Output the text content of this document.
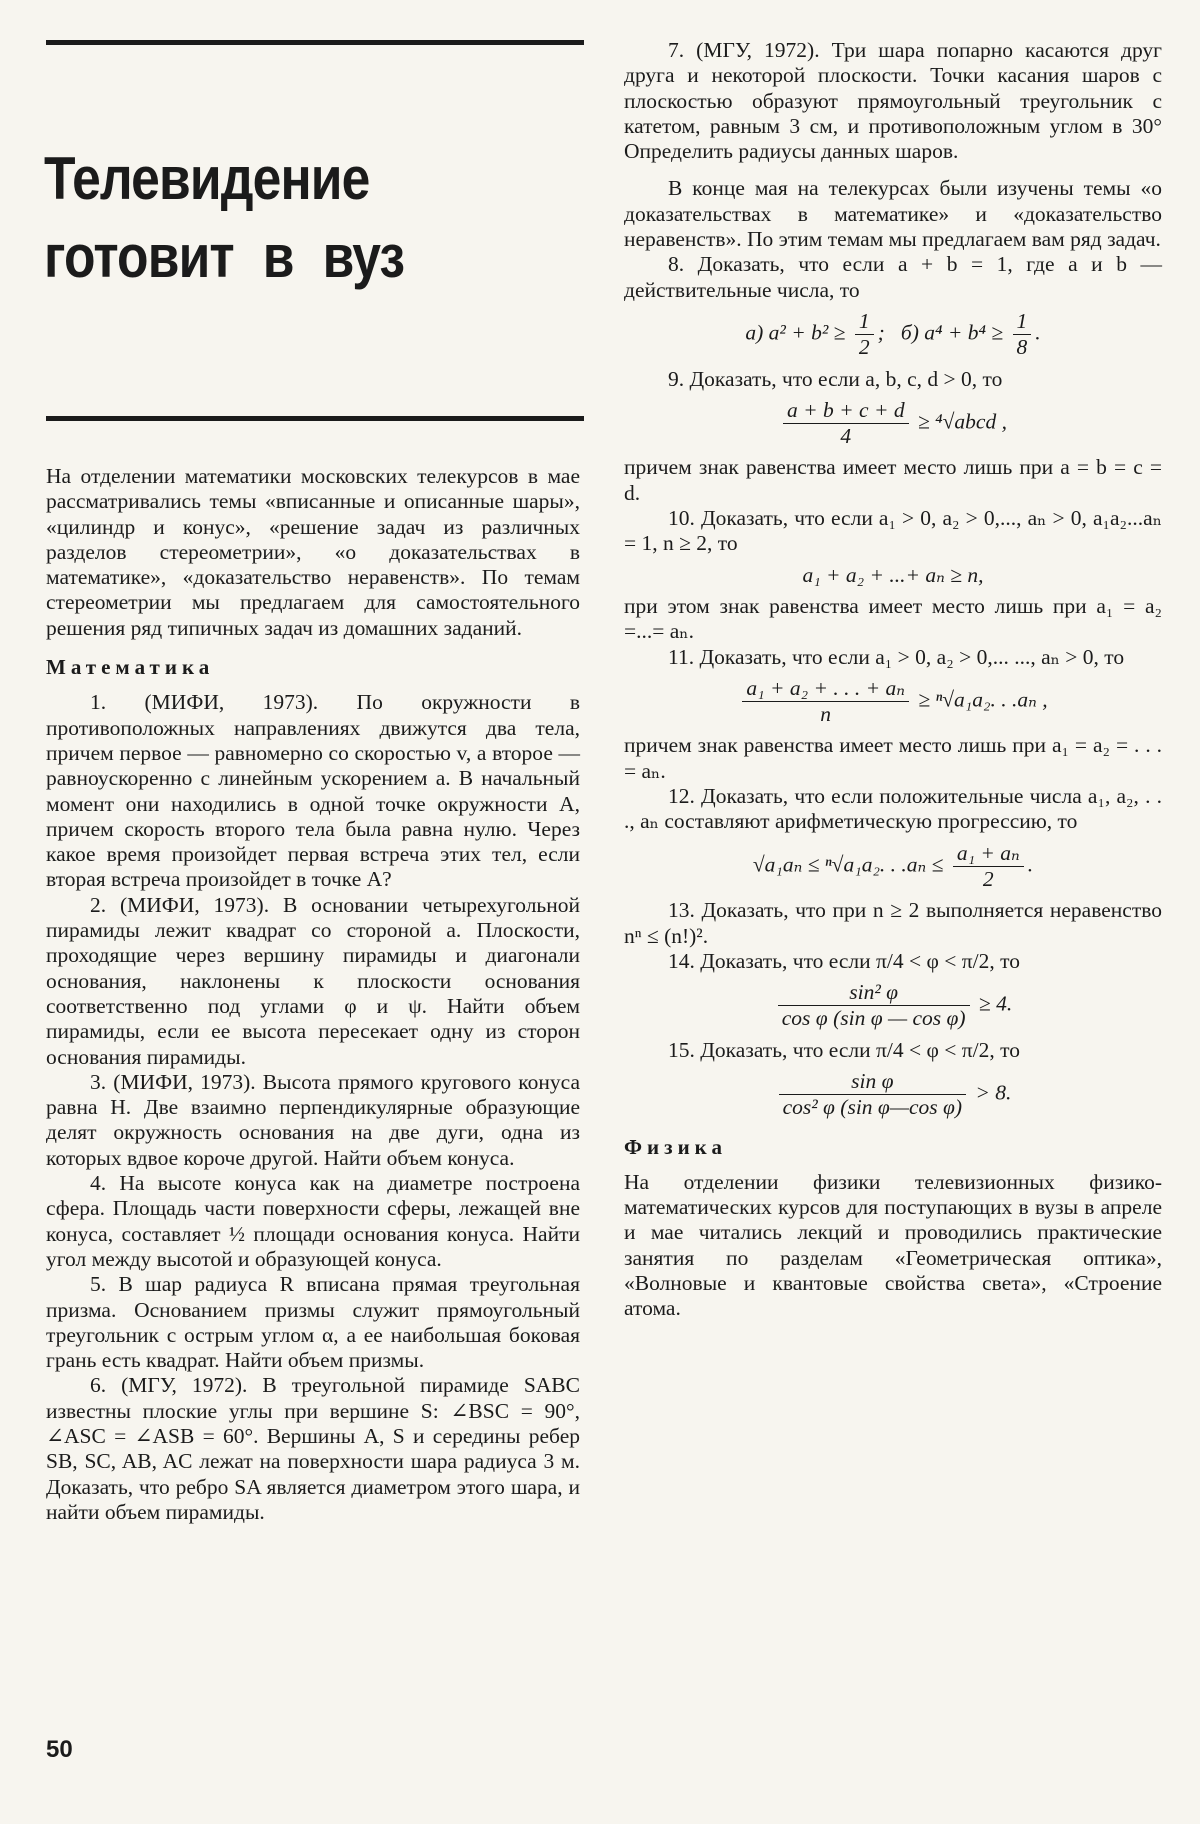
Телевидение
готовит в вуз

На отделении математики московских телекурсов в мае рассматривались темы «вписанные и описанные шары», «цилиндр и конус», «решение задач из различных разделов стереометрии», «о доказательствах в математике», «доказательство неравенств». По темам стереометрии мы предлагаем для самостоятельного решения ряд типичных задач из домашних заданий.

Математика

1. (МИФИ, 1973). По окружности в противоположных направлениях движутся два тела, причем первое — равномерно со скоростью v, а второе — равноускоренно с линейным ускорением a. В начальный момент они находились в одной точке окружности A, причем скорость второго тела была равна нулю. Через какое время произойдет первая встреча этих тел, если вторая встреча произойдет в точке A?

2. (МИФИ, 1973). В основании четырехугольной пирамиды лежит квадрат со стороной a. Плоскости, проходящие через вершину пирамиды и диагонали основания, наклонены к плоскости основания соответственно под углами φ и ψ. Найти объем пирамиды, если ее высота пересекает одну из сторон основания пирамиды.

3. (МИФИ, 1973). Высота прямого кругового конуса равна H. Две взаимно перпендикулярные образующие делят окружность основания на две дуги, одна из которых вдвое короче другой. Найти объем конуса.

4. На высоте конуса как на диаметре построена сфера. Площадь части поверхности сферы, лежащей вне конуса, составляет ½ площади основания конуса. Найти угол между высотой и образующей конуса.

5. В шар радиуса R вписана прямая треугольная призма. Основанием призмы служит прямоугольный треугольник с острым углом α, а ее наибольшая боковая грань есть квадрат. Найти объем призмы.

6. (МГУ, 1972). В треугольной пирамиде SABC известны плоские углы при вершине S: ∠BSC = 90°, ∠ASC = ∠ASB = 60°. Вершины A, S и середины ребер SB, SC, AB, AC лежат на поверхности шара радиуса 3 м. Доказать, что ребро SA является диаметром этого шара, и найти объем пирамиды.

7. (МГУ, 1972). Три шара попарно касаются друг друга и некоторой плоскости. Точки касания шаров с плоскостью образуют прямоугольный треугольник с катетом, равным 3 см, и противоположным углом в 30° Определить радиусы данных шаров.

В конце мая на телекурсах были изучены темы «о доказательствах в математике» и «доказательство неравенств». По этим темам мы предлагаем вам ряд задач.

8. Доказать, что если a + b = 1, где a и b — действительные числа, то

а) $a^2 + b^2 \ge \frac{1}{2}$ ;   б) $a^4 + b^4 \ge \frac{1}{8}$ .

9. Доказать, что если a, b, c, d > 0, то

$\frac{a + b + c + d}{4}$ ≥ ⁴√abcd ,

причем знак равенства имеет место лишь при a = b = c = d.

10. Доказать, что если a₁ > 0, a₂ > 0,..., aₙ > 0, a₁a₂...aₙ = 1, n ≥ 2, то

a₁ + a₂ + ...+ aₙ ≥ n,

при этом знак равенства имеет место лишь при a₁ = a₂ =...= aₙ.

11. Доказать, что если a₁ > 0, a₂ > 0,... ..., aₙ > 0, то

$\frac{\text{a₁ + a₂ + . . . + aₙ}}{n} \ge ^n√a_1a_2$. . .aₙ ,

причем знак равенства имеет место лишь при a₁ = a₂ = . . . = aₙ.

12. Доказать, что если положительные числа a₁, a₂, . . ., aₙ составляют арифметическую прогрессию, то

√a₁aₙ ≤ ⁿ√a₁a₂. . $.a_n \le \frac{\text{a₁ + aₙ}}{2}$ .

13. Доказать, что при n ≥ 2 выполняется неравенство nⁿ ≤ (n!)².

14. Доказать, что если π/4 < φ < π/2, то

$\frac{\text{sin² φ}}{\text{cos φ (sin φ — cos φ)}} \ge 4$.

15. Доказать, что если π/4 < φ < π/2, то

$\frac{\text{sin φ}}{\text{cos² φ (sin φ—cos φ)}} > 8$.

Физика

На отделении физики телевизионных физико-математических курсов для поступающих в вузы в апреле и мае читались лекций и проводились практические занятия по разделам «Геометрическая оптика», «Волновые и квантовые свойства света», «Строение атома.

50
